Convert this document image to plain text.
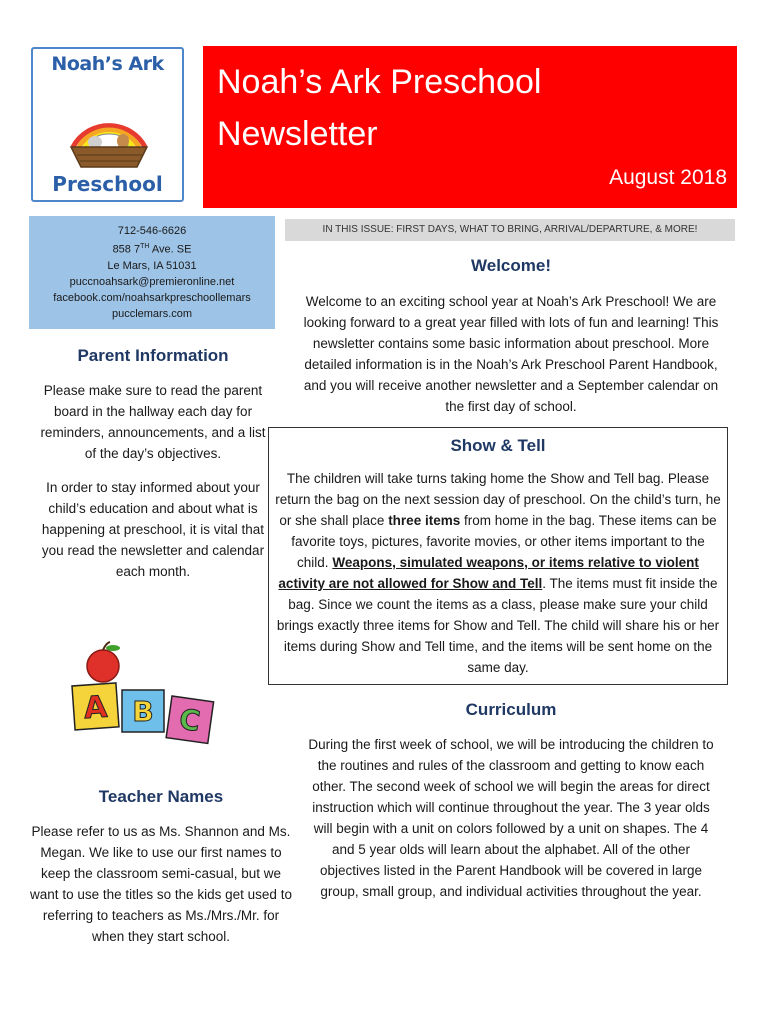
Noah’s Ark
Preschool
Noah’s Ark Preschool
Newsletter
August 2018
712-546-6626
858 7TH Ave. SE
Le Mars, IA 51031
puccnoahsark@premieronline.net
facebook.com/noahsarkpreschoollemars
pucclemars.com
IN THIS ISSUE: FIRST DAYS, WHAT TO BRING, ARRIVAL/DEPARTURE, & MORE!
Parent Information
Please make sure to read the parent board in the hallway each day for reminders, announcements, and a list of the day’s objectives.
In order to stay informed about your child’s education and about what is happening at preschool, it is vital that you read the newsletter and calendar each month.
A B C
Teacher Names
Please refer to us as Ms. Shannon and Ms. Megan. We like to use our first names to keep the classroom semi-casual, but we want to use the titles so the kids get used to referring to teachers as Ms./Mrs./Mr. for when they start school.
Welcome!
Welcome to an exciting school year at Noah’s Ark Preschool! We are looking forward to a great year filled with lots of fun and learning! This newsletter contains some basic information about preschool. More detailed information is in the Noah’s Ark Preschool Parent Handbook, and you will receive another newsletter and a September calendar on the first day of school.
Show & Tell
The children will take turns taking home the Show and Tell bag. Please return the bag on the next session day of preschool. On the child’s turn, he or she shall place three items from home in the bag. These items can be favorite toys, pictures, favorite movies, or other items important to the child. Weapons, simulated weapons, or items relative to violent activity are not allowed for Show and Tell. The items must fit inside the bag. Since we count the items as a class, please make sure your child brings exactly three items for Show and Tell. The child will share his or her items during Show and Tell time, and the items will be sent home on the same day.
Curriculum
During the first week of school, we will be introducing the children to the routines and rules of the classroom and getting to know each other. The second week of school we will begin the areas for direct instruction which will continue throughout the year. The 3 year olds will begin with a unit on colors followed by a unit on shapes. The 4 and 5 year olds will learn about the alphabet. All of the other objectives listed in the Parent Handbook will be covered in large group, small group, and individual activities throughout the year.
